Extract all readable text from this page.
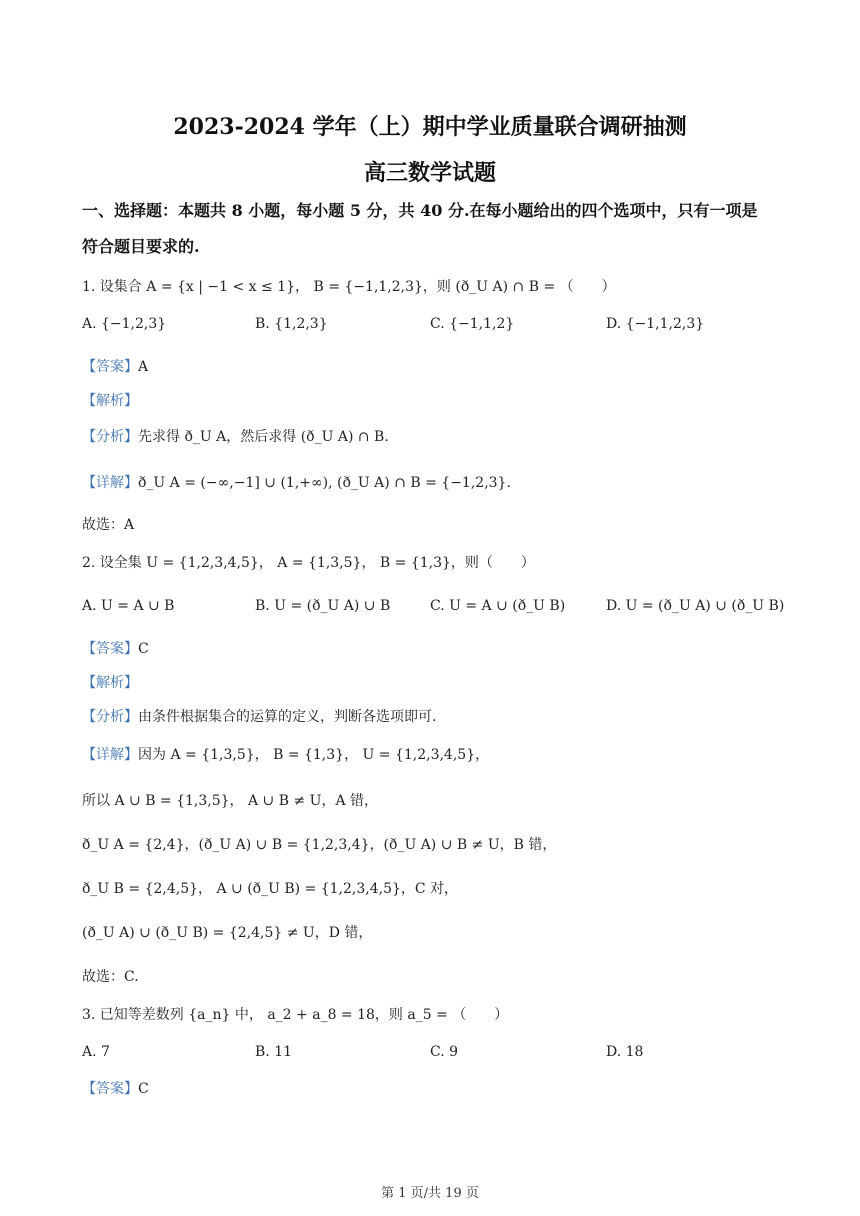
2023-2024 学年（上）期中学业质量联合调研抽测
高三数学试题
一、选择题：本题共 8 小题，每小题 5 分，共 40 分.在每小题给出的四个选项中，只有一项是
符合题目要求的.
1. 设集合 A = {x | −1 < x ≤ 1}， B = {−1,1,2,3}，则 (ð_U A) ∩ B = （　　）
A. {−1,2,3}	B. {1,2,3}	C. {−1,1,2}	D. {−1,1,2,3}
【答案】A
【解析】
【分析】先求得 ð_U A，然后求得 (ð_U A) ∩ B.
【详解】ð_U A = (−∞,−1] ∪ (1,+∞), (ð_U A) ∩ B = {−1,2,3}.
故选：A
2. 设全集 U = {1,2,3,4,5}， A = {1,3,5}， B = {1,3}，则（　　）
A. U = A ∪ B	B. U = (ð_U A) ∪ B	C. U = A ∪ (ð_U B)	D. U = (ð_U A) ∪ (ð_U B)
【答案】C
【解析】
【分析】由条件根据集合的运算的定义，判断各选项即可.
【详解】因为 A = {1,3,5}， B = {1,3}， U = {1,2,3,4,5}，
所以 A ∪ B = {1,3,5}， A ∪ B ≠ U，A 错，
ð_U A = {2,4}，(ð_U A) ∪ B = {1,2,3,4}，(ð_U A) ∪ B ≠ U，B 错，
ð_U B = {2,4,5}， A ∪ (ð_U B) = {1,2,3,4,5}，C 对，
(ð_U A) ∪ (ð_U B) = {2,4,5} ≠ U，D 错，
故选：C.
3. 已知等差数列 {a_n} 中， a_2 + a_8 = 18，则 a_5 = （　　）
A. 7	B. 11	C. 9	D. 18
【答案】C
第 1 页/共 19 页
